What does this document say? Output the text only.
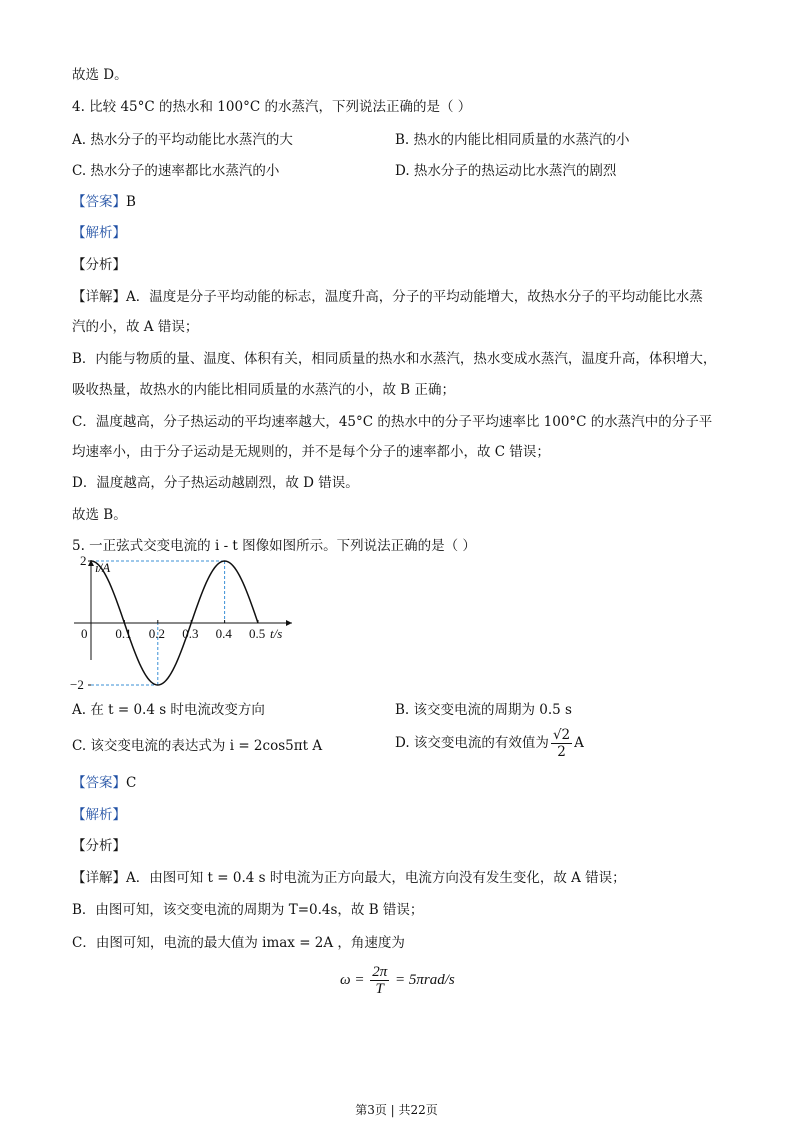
故选 D。
4. 比较 45°C 的热水和 100°C 的水蒸汽，下列说法正确的是（ ）
A. 热水分子的平均动能比水蒸汽的大	B. 热水的内能比相同质量的水蒸汽的小
C. 热水分子的速率都比水蒸汽的小	D. 热水分子的热运动比水蒸汽的剧烈
【答案】B
【解析】
【分析】
【详解】A．温度是分子平均动能的标志，温度升高，分子的平均动能增大，故热水分子的平均动能比水蒸
汽的小，故 A 错误；
B．内能与物质的量、温度、体积有关，相同质量的热水和水蒸汽，热水变成水蒸汽，温度升高，体积增大，
吸收热量，故热水的内能比相同质量的水蒸汽的小，故 B 正确；
C．温度越高，分子热运动的平均速率越大，45°C 的热水中的分子平均速率比 100°C 的水蒸汽中的分子平
均速率小，由于分子运动是无规则的，并不是每个分子的速率都小，故 C 错误；
D．温度越高，分子热运动越剧烈，故 D 错误。
故选 B。
5. 一正弦式交变电流的 i - t 图像如图所示。下列说法正确的是（ ）
0 0.1 0.2 0.3 0.4 0.5
2
−2
t/s
i/A
A. 在 t = 0.4 s 时电流改变方向	B. 该交变电流的周期为 0.5 s
C. 该交变电流的表达式为 i = 2cos5πt A	D. 该交变电流的有效值为 $\frac{√2}{2}$ A
【答案】C
【解析】
【分析】
【详解】A．由图可知 t = 0.4 s 时电流为正方向最大，电流方向没有发生变化，故 A 错误；
B．由图可知，该交变电流的周期为 T=0.4s，故 B 错误；
C．由图可知，电流的最大值为 imax = 2A ，角速度为
$\omega = \frac{2\pi}{T} = 5\pi rad/s$
第3页 | 共22页
